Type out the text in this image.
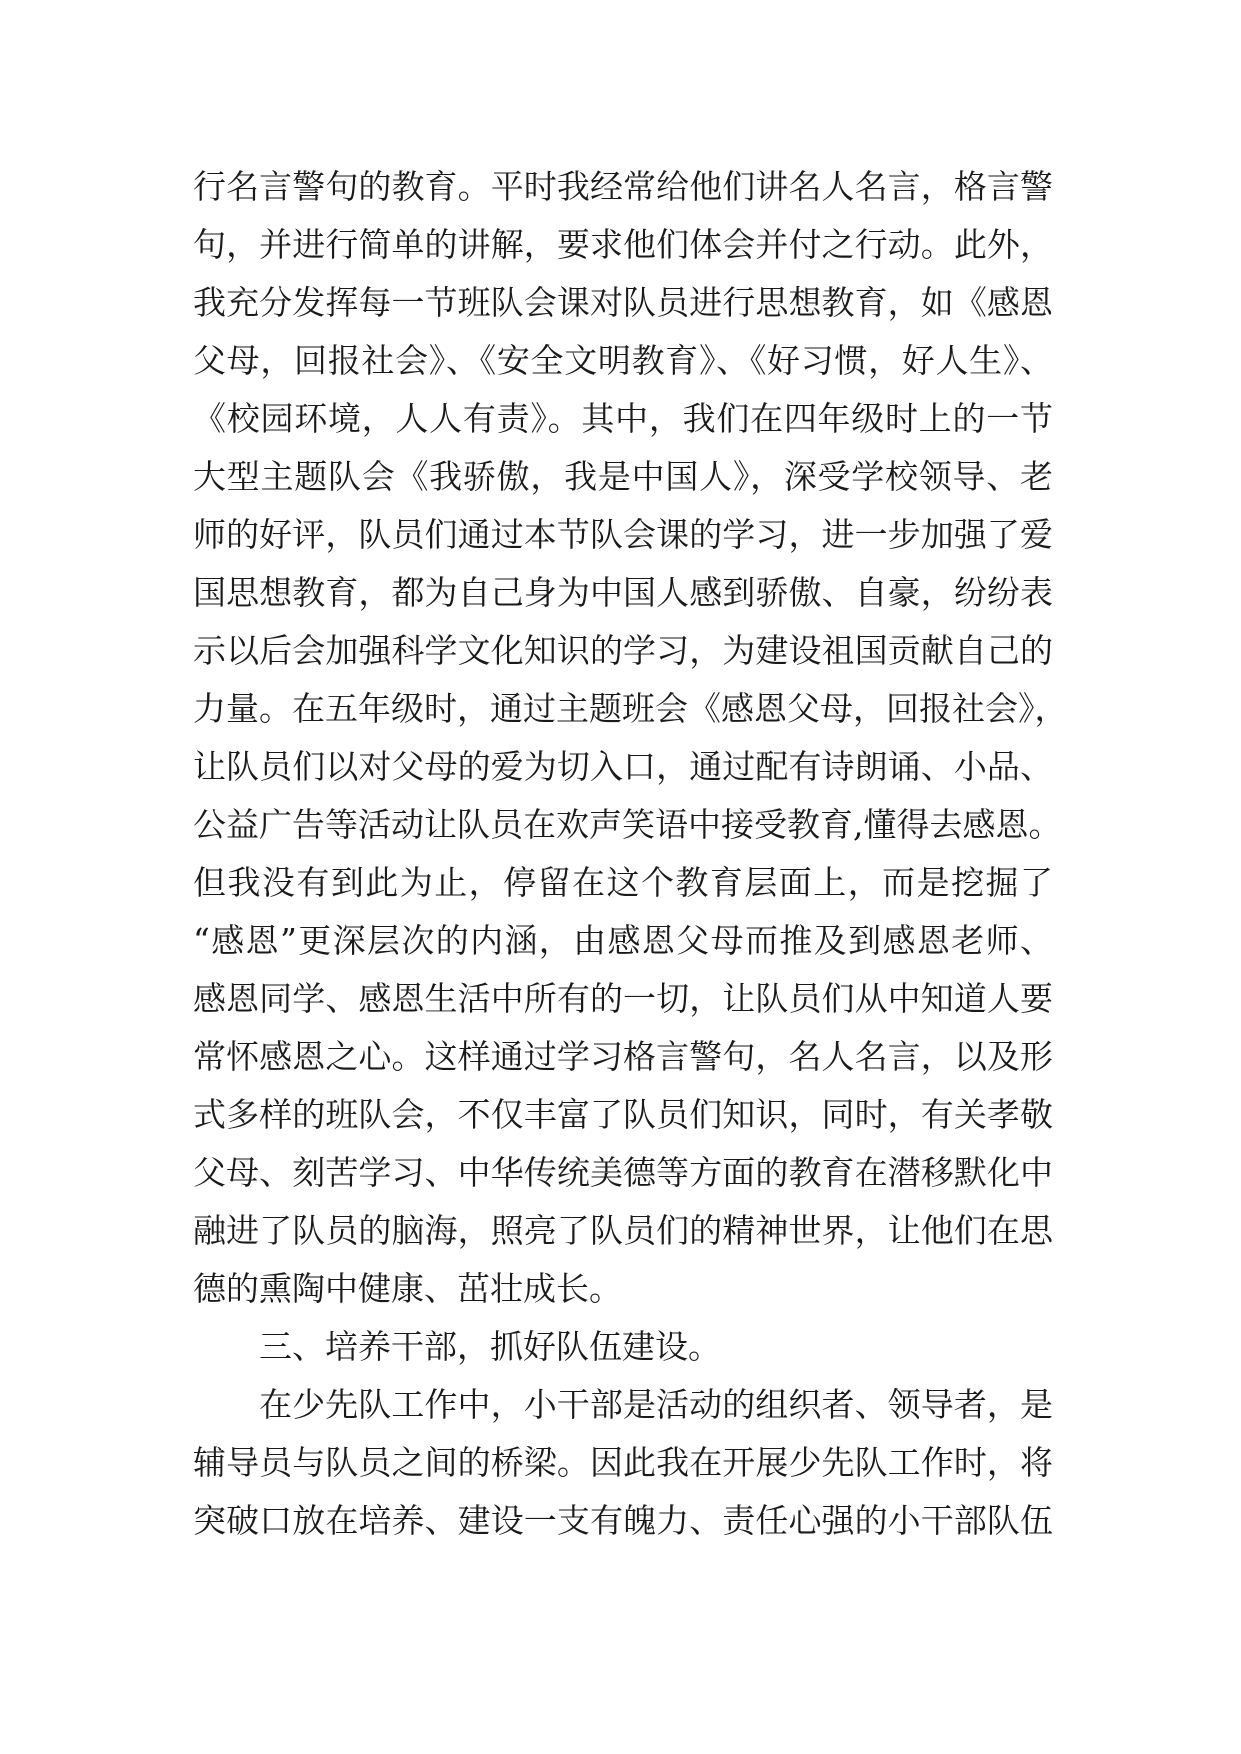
行名言警句的教育。平时我经常给他们讲名人名言，格言警
句，并进行简单的讲解，要求他们体会并付之行动。此外，
我充分发挥每一节班队会课对队员进行思想教育，如《感恩
父母，回报社会》、《安全文明教育》、《好习惯，好人生》、
《校园环境，人人有责》。其中，我们在四年级时上的一节
大型主题队会《我骄傲，我是中国人》，深受学校领导、老
师的好评，队员们通过本节队会课的学习，进一步加强了爱
国思想教育，都为自己身为中国人感到骄傲、自豪，纷纷表
示以后会加强科学文化知识的学习，为建设祖国贡献自己的
力量。在五年级时，通过主题班会《感恩父母，回报社会》，
让队员们以对父母的爱为切入口，通过配有诗朗诵、小品、
公益广告等活动让队员在欢声笑语中接受教育,懂得去感恩。
但我没有到此为止，停留在这个教育层面上，而是挖掘了
“感恩”更深层次的内涵，由感恩父母而推及到感恩老师、
感恩同学、感恩生活中所有的一切，让队员们从中知道人要
常怀感恩之心。这样通过学习格言警句，名人名言，以及形
式多样的班队会，不仅丰富了队员们知识，同时，有关孝敬
父母、刻苦学习、中华传统美德等方面的教育在潜移默化中
融进了队员的脑海，照亮了队员们的精神世界，让他们在思
德的熏陶中健康、茁壮成长。
三、培养干部，抓好队伍建设。
在少先队工作中，小干部是活动的组织者、领导者，是
辅导员与队员之间的桥梁。因此我在开展少先队工作时，将
突破口放在培养、建设一支有魄力、责任心强的小干部队伍
